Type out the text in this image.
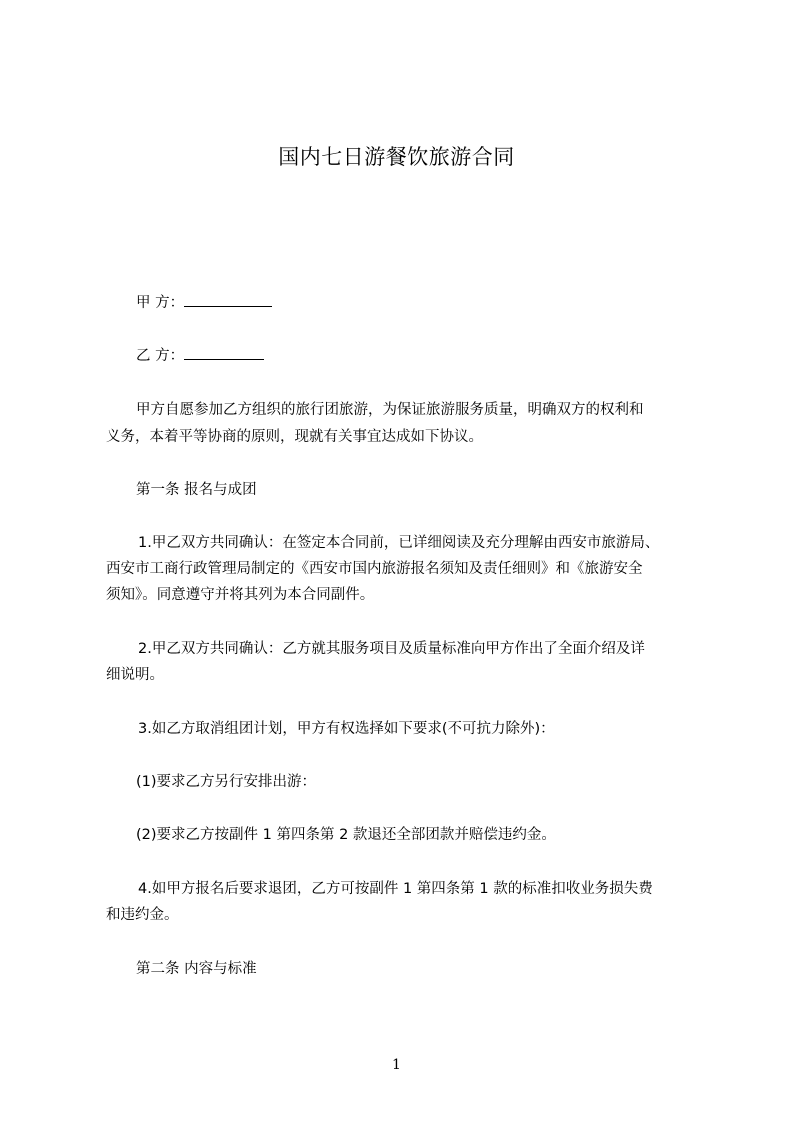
国内七日游餐饮旅游合同
甲 方：
乙 方：
甲方自愿参加乙方组织的旅行团旅游，为保证旅游服务质量，明确双方的权利和
义务，本着平等协商的原则，现就有关事宜达成如下协议。
第一条 报名与成团
1.甲乙双方共同确认：在签定本合同前，已详细阅读及充分理解由西安市旅游局、
西安市工商行政管理局制定的《西安市国内旅游报名须知及责任细则》和《旅游安全
须知》。同意遵守并将其列为本合同副件。
2.甲乙双方共同确认：乙方就其服务项目及质量标准向甲方作出了全面介绍及详
细说明。
3.如乙方取消组团计划，甲方有权选择如下要求(不可抗力除外)：
(1)要求乙方另行安排出游：
(2)要求乙方按副件 1 第四条第 2 款退还全部团款并赔偿违约金。
4.如甲方报名后要求退团，乙方可按副件 1 第四条第 1 款的标准扣收业务损失费
和违约金。
第二条 内容与标准
1
